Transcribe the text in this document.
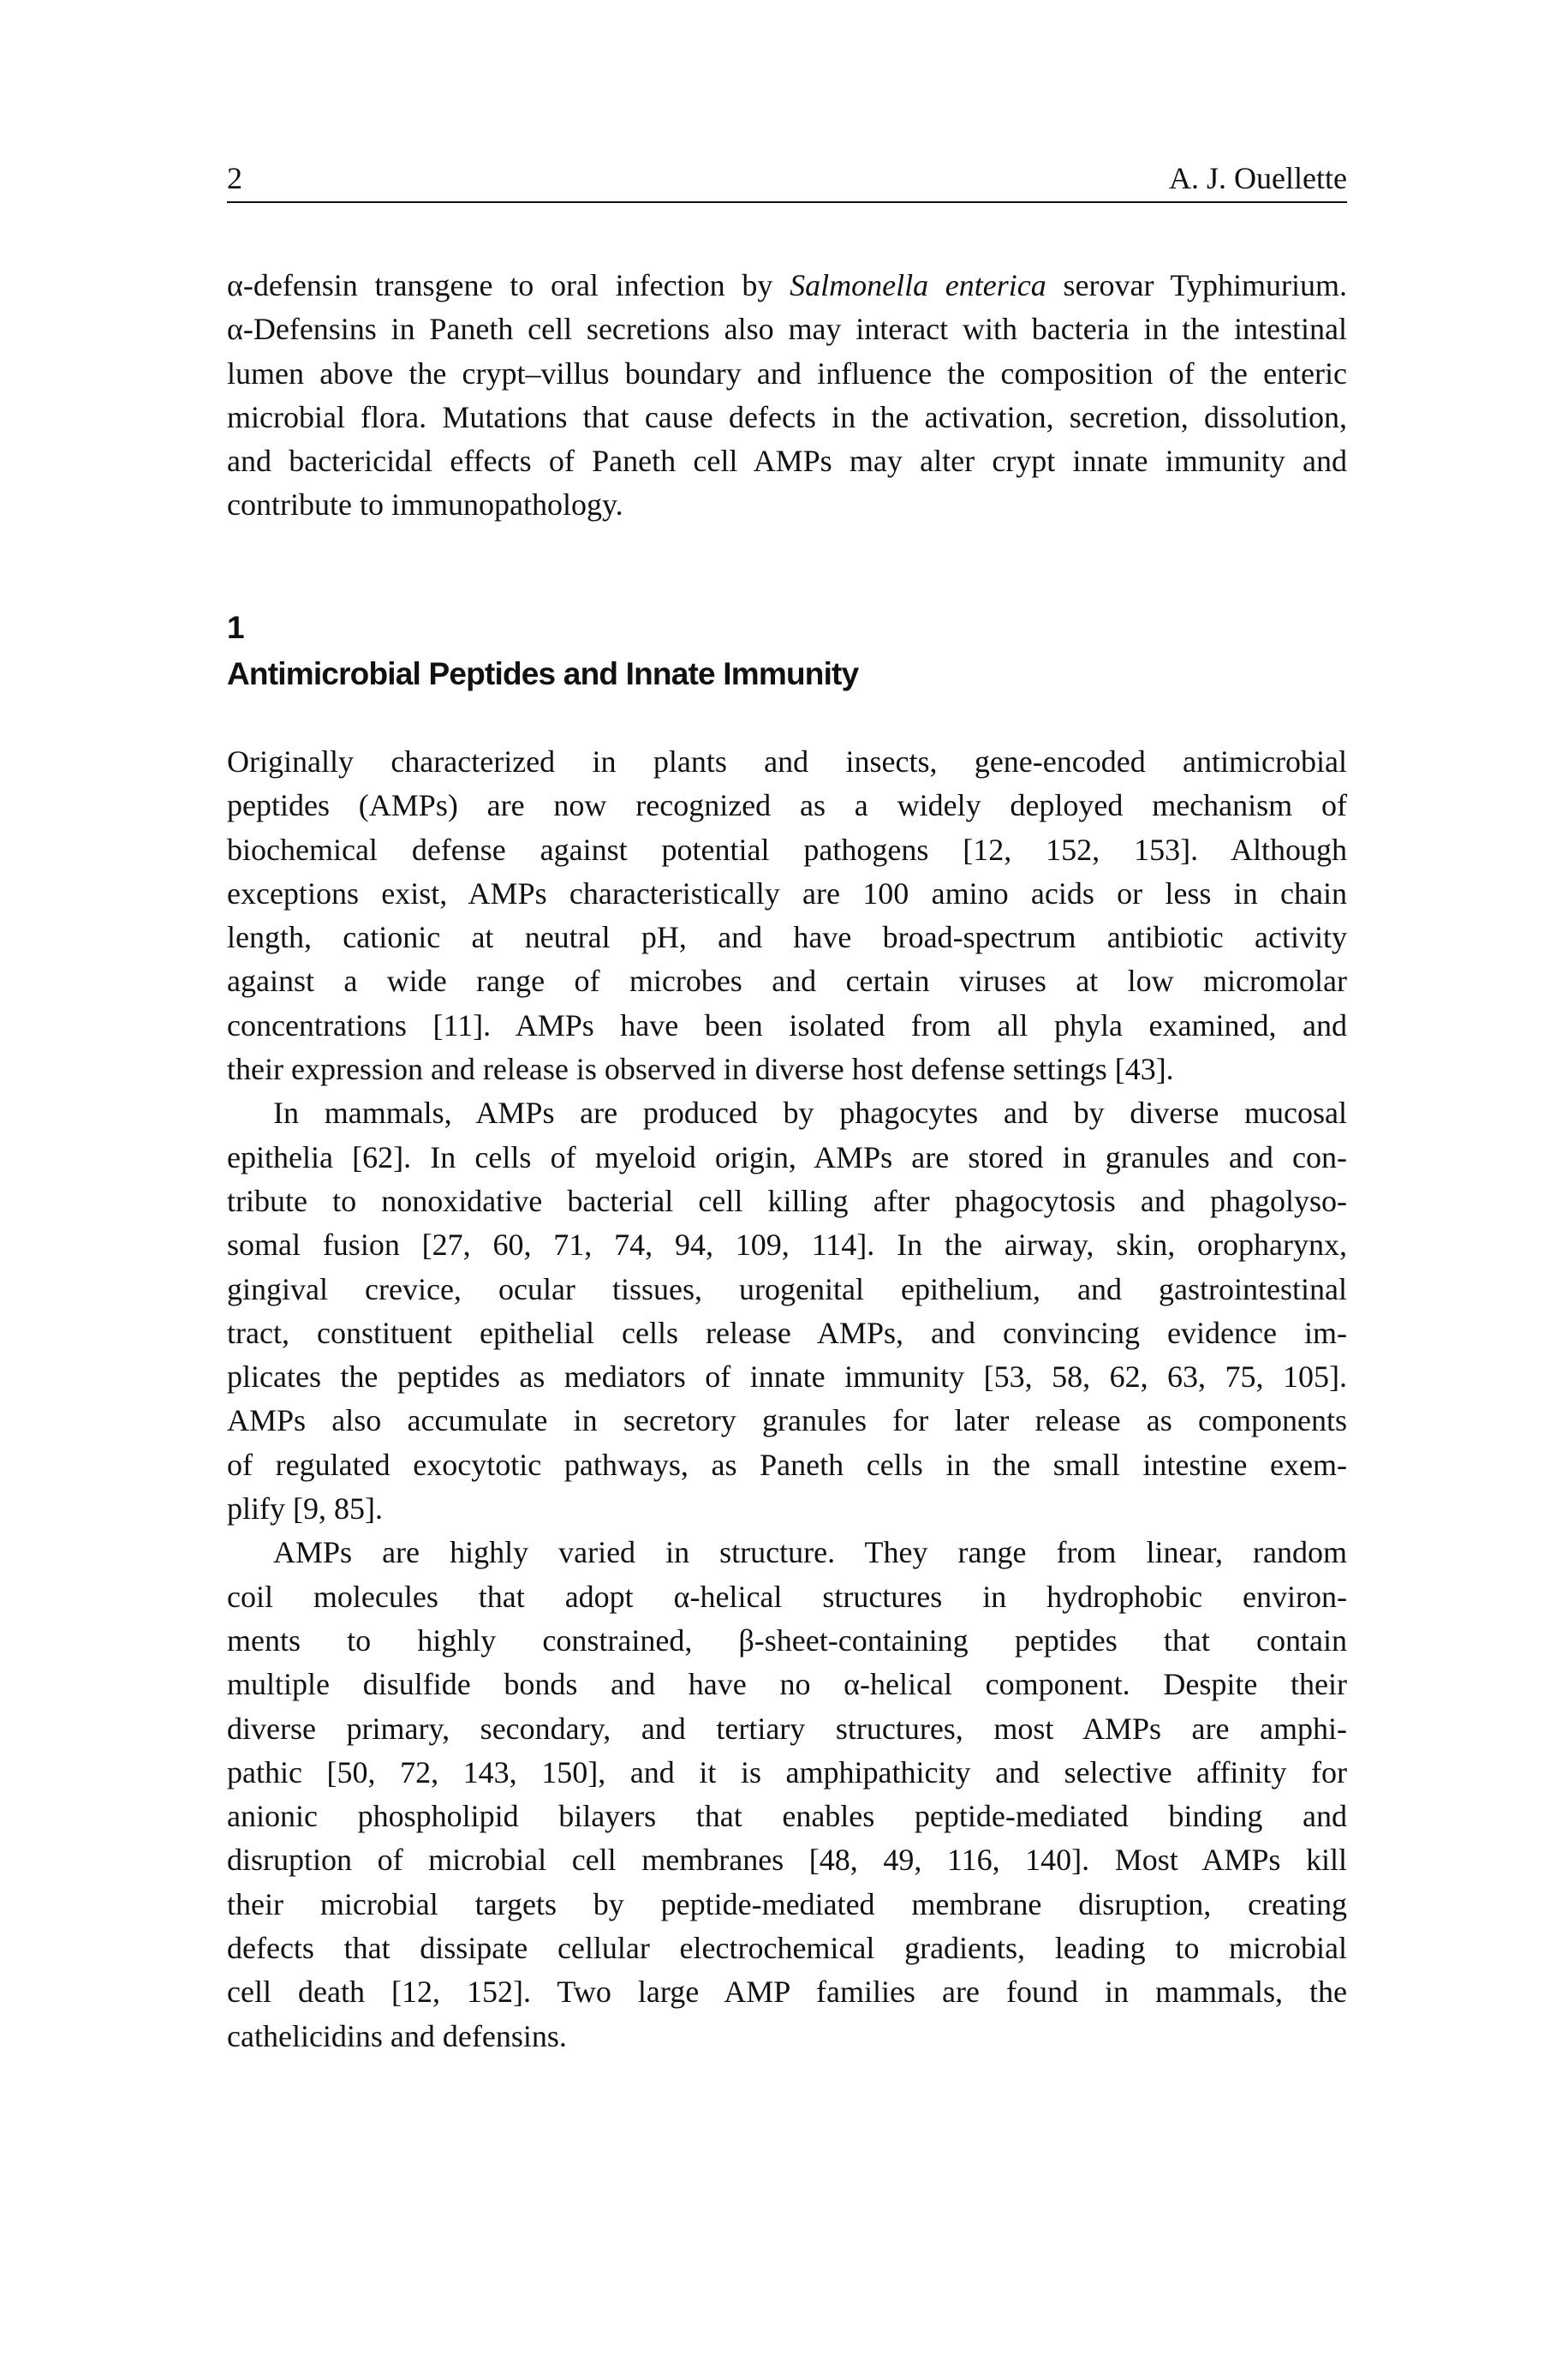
2	A. J. Ouellette
α-defensin transgene to oral infection by Salmonella enterica serovar Typhimurium.
α-Defensins in Paneth cell secretions also may interact with bacteria in the intestinal
lumen above the crypt–villus boundary and influence the composition of the enteric
microbial flora. Mutations that cause defects in the activation, secretion, dissolution,
and bactericidal effects of Paneth cell AMPs may alter crypt innate immunity and
contribute to immunopathology.
1
Antimicrobial Peptides and Innate Immunity
Originally characterized in plants and insects, gene-encoded antimicrobial
peptides (AMPs) are now recognized as a widely deployed mechanism of
biochemical defense against potential pathogens [12, 152, 153]. Although
exceptions exist, AMPs characteristically are 100 amino acids or less in chain
length, cationic at neutral pH, and have broad-spectrum antibiotic activity
against a wide range of microbes and certain viruses at low micromolar
concentrations [11]. AMPs have been isolated from all phyla examined, and
their expression and release is observed in diverse host defense settings [43].
In mammals, AMPs are produced by phagocytes and by diverse mucosal
epithelia [62]. In cells of myeloid origin, AMPs are stored in granules and con-
tribute to nonoxidative bacterial cell killing after phagocytosis and phagolyso-
somal fusion [27, 60, 71, 74, 94, 109, 114]. In the airway, skin, oropharynx,
gingival crevice, ocular tissues, urogenital epithelium, and gastrointestinal
tract, constituent epithelial cells release AMPs, and convincing evidence im-
plicates the peptides as mediators of innate immunity [53, 58, 62, 63, 75, 105].
AMPs also accumulate in secretory granules for later release as components
of regulated exocytotic pathways, as Paneth cells in the small intestine exem-
plify [9, 85].
AMPs are highly varied in structure. They range from linear, random
coil molecules that adopt α-helical structures in hydrophobic environ-
ments to highly constrained, β-sheet-containing peptides that contain
multiple disulfide bonds and have no α-helical component. Despite their
diverse primary, secondary, and tertiary structures, most AMPs are amphi-
pathic [50, 72, 143, 150], and it is amphipathicity and selective affinity for
anionic phospholipid bilayers that enables peptide-mediated binding and
disruption of microbial cell membranes [48, 49, 116, 140]. Most AMPs kill
their microbial targets by peptide-mediated membrane disruption, creating
defects that dissipate cellular electrochemical gradients, leading to microbial
cell death [12, 152]. Two large AMP families are found in mammals, the
cathelicidins and defensins.
